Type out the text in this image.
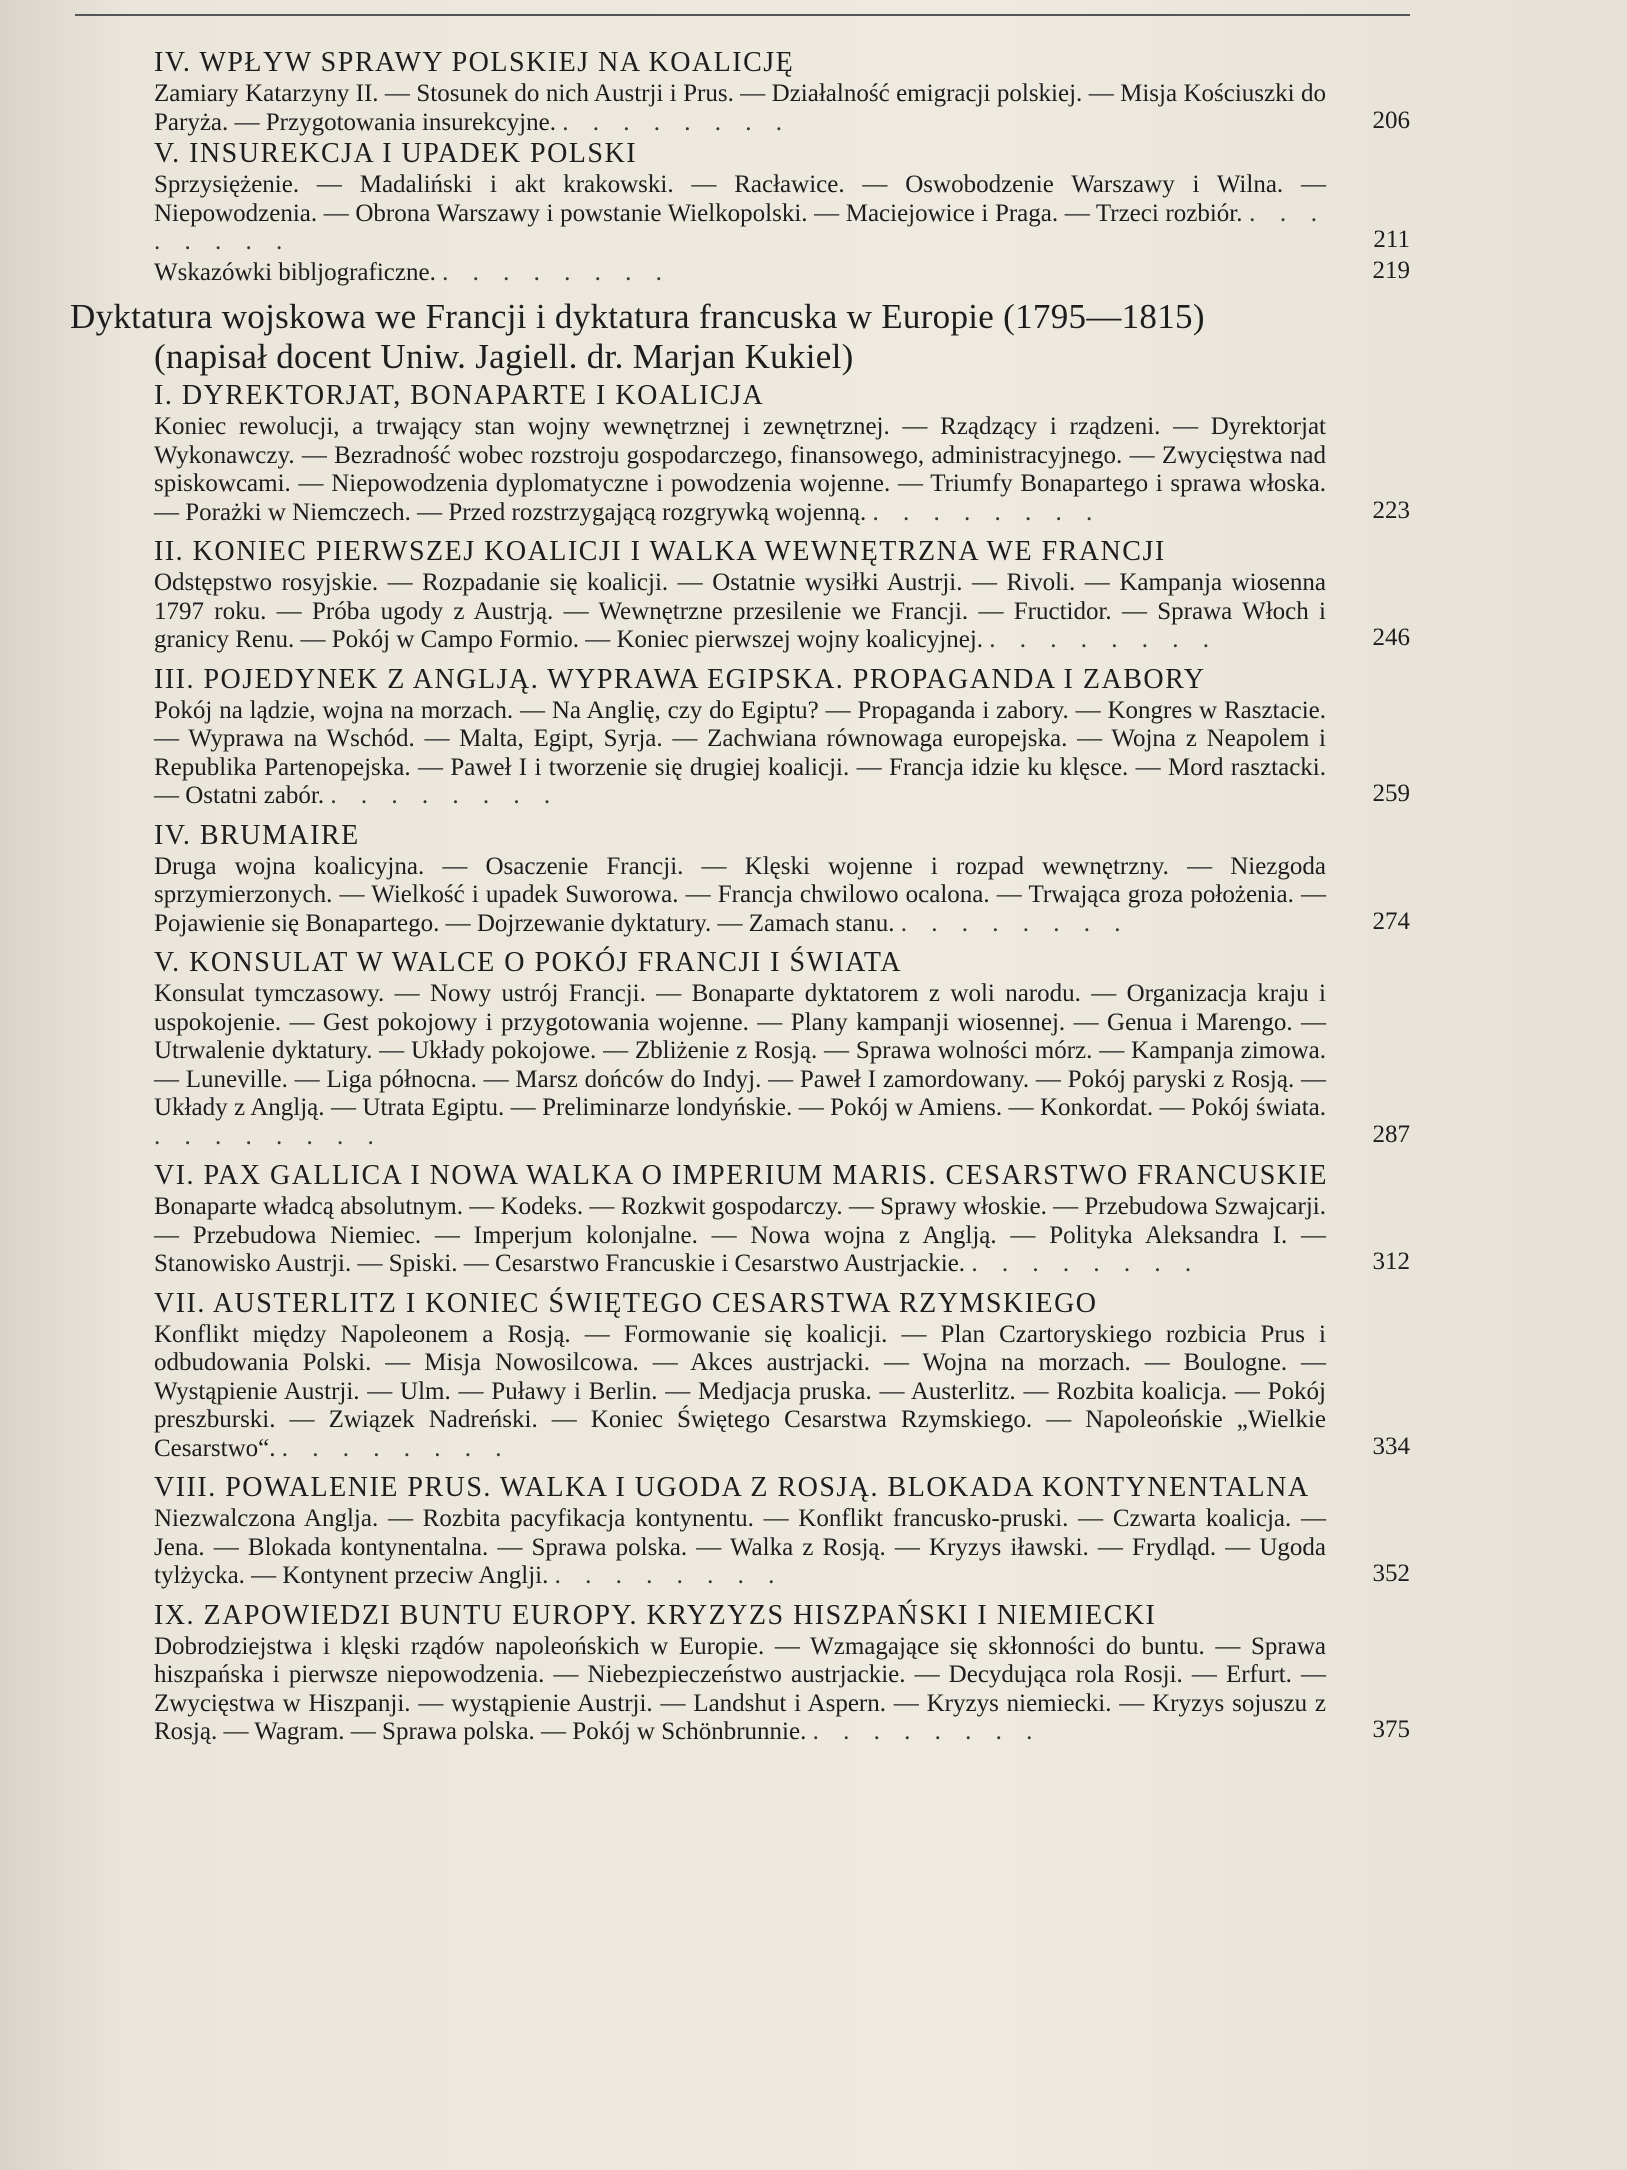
IV. WPŁYW SPRAWY POLSKIEJ NA KOALICJĘ
Zamiary Katarzyny II. — Stosunek do nich Austrji i Prus. — Działalność emigracji polskiej. — Misja Kościuszki do Paryża. — Przygotowania insurekcyjne. . . . . . . . .	206
V. INSUREKCJA I UPADEK POLSKI
Sprzysiężenie. — Madaliński i akt krakowski. — Racławice. — Oswobodzenie Warszawy i Wilna. — Niepowodzenia. — Obrona Warszawy i powstanie Wielkopolski. — Maciejowice i Praga. — Trzeci rozbiór. . . . . . . . .	211
Wskazówki bibljograficzne. . . . . . . . .	219
Dyktatura wojskowa we Francji i dyktatura francuska w Europie (1795—1815)
(napisał docent Uniw. Jagiell. dr. Marjan Kukiel)
I. DYREKTORJAT, BONAPARTE I KOALICJA
Koniec rewolucji, a trwający stan wojny wewnętrznej i zewnętrznej. — Rządzący i rządzeni. — Dyrektorjat Wykonawczy. — Bezradność wobec rozstroju gospodarczego, finansowego, administracyjnego. — Zwycięstwa nad spiskowcami. — Niepowodzenia dyplomatyczne i powodzenia wojenne. — Triumfy Bonapartego i sprawa włoska. — Porażki w Niemczech. — Przed rozstrzygającą rozgrywką wojenną. . . . . . . . .	223
II. KONIEC PIERWSZEJ KOALICJI I WALKA WEWNĘTRZNA WE FRANCJI
Odstępstwo rosyjskie. — Rozpadanie się koalicji. — Ostatnie wysiłki Austrji. — Rivoli. — Kampanja wiosenna 1797 roku. — Próba ugody z Austrją. — Wewnętrzne przesilenie we Francji. — Fructidor. — Sprawa Włoch i granicy Renu. — Pokój w Campo Formio. — Koniec pierwszej wojny koalicyjnej. . . . . . . . .	246
III. POJEDYNEK Z ANGLJĄ. WYPRAWA EGIPSKA. PROPAGANDA I ZABORY
Pokój na lądzie, wojna na morzach. — Na Anglię, czy do Egiptu? — Propaganda i zabory. — Kongres w Rasztacie. — Wyprawa na Wschód. — Malta, Egipt, Syrja. — Zachwiana równowaga europejska. — Wojna z Neapolem i Republika Partenopejska. — Paweł I i tworzenie się drugiej koalicji. — Francja idzie ku klęsce. — Mord rasztacki. — Ostatni zabór. . . . . . . . .	259
IV. BRUMAIRE
Druga wojna koalicyjna. — Osaczenie Francji. — Klęski wojenne i rozpad wewnętrzny. — Niezgoda sprzymierzonych. — Wielkość i upadek Suworowa. — Francja chwilowo ocalona. — Trwająca groza położenia. — Pojawienie się Bonapartego. — Dojrzewanie dyktatury. — Zamach stanu. . . . . . . . .	274
V. KONSULAT W WALCE O POKÓJ FRANCJI I ŚWIATA
Konsulat tymczasowy. — Nowy ustrój Francji. — Bonaparte dyktatorem z woli narodu. — Organizacja kraju i uspokojenie. — Gest pokojowy i przygotowania wojenne. — Plany kampanji wiosennej. — Genua i Marengo. — Utrwalenie dyktatury. — Układy pokojowe. — Zbliżenie z Rosją. — Sprawa wolności mórz. — Kampanja zimowa. — Luneville. — Liga północna. — Marsz dońców do Indyj. — Paweł I zamordowany. — Pokój paryski z Rosją. — Układy z Anglją. — Utrata Egiptu. — Preliminarze londyńskie. — Pokój w Amiens. — Konkordat. — Pokój świata. . . . . . . . .	287
VI. PAX GALLICA I NOWA WALKA O IMPERIUM MARIS. CESARSTWO FRANCUSKIE
Bonaparte władcą absolutnym. — Kodeks. — Rozkwit gospodarczy. — Sprawy włoskie. — Przebudowa Szwajcarji. — Przebudowa Niemiec. — Imperjum kolonjalne. — Nowa wojna z Anglją. — Polityka Aleksandra I. — Stanowisko Austrji. — Spiski. — Cesarstwo Francuskie i Cesarstwo Austrjackie. . . . . . . . .	312
VII. AUSTERLITZ I KONIEC ŚWIĘTEGO CESARSTWA RZYMSKIEGO
Konflikt między Napoleonem a Rosją. — Formowanie się koalicji. — Plan Czartoryskiego rozbicia Prus i odbudowania Polski. — Misja Nowosilcowa. — Akces austrjacki. — Wojna na morzach. — Boulogne. — Wystąpienie Austrji. — Ulm. — Puławy i Berlin. — Medjacja pruska. — Austerlitz. — Rozbita koalicja. — Pokój preszburski. — Związek Nadreński. — Koniec Świętego Cesarstwa Rzymskiego. — Napoleońskie „Wielkie Cesarstwo“. . . . . . . . .	334
VIII. POWALENIE PRUS. WALKA I UGODA Z ROSJĄ. BLOKADA KONTYNENTALNA
Niezwalczona Anglja. — Rozbita pacyfikacja kontynentu. — Konflikt francusko-pruski. — Czwarta koalicja. — Jena. — Blokada kontynentalna. — Sprawa polska. — Walka z Rosją. — Kryzys iławski. — Frydląd. — Ugoda tylżycka. — Kontynent przeciw Anglji. . . . . . . . .	352
IX. ZAPOWIEDZI BUNTU EUROPY. KRYZYZS HISZPAŃSKI I NIEMIECKI
Dobrodziejstwa i klęski rządów napoleońskich w Europie. — Wzmagające się skłonności do buntu. — Sprawa hiszpańska i pierwsze niepowodzenia. — Niebezpieczeństwo austrjackie. — Decydująca rola Rosji. — Erfurt. — Zwycięstwa w Hiszpanji. — wystąpienie Austrji. — Landshut i Aspern. — Kryzys niemiecki. — Kryzys sojuszu z Rosją. — Wagram. — Sprawa polska. — Pokój w Schönbrunnie. . . . . . . . .	375
